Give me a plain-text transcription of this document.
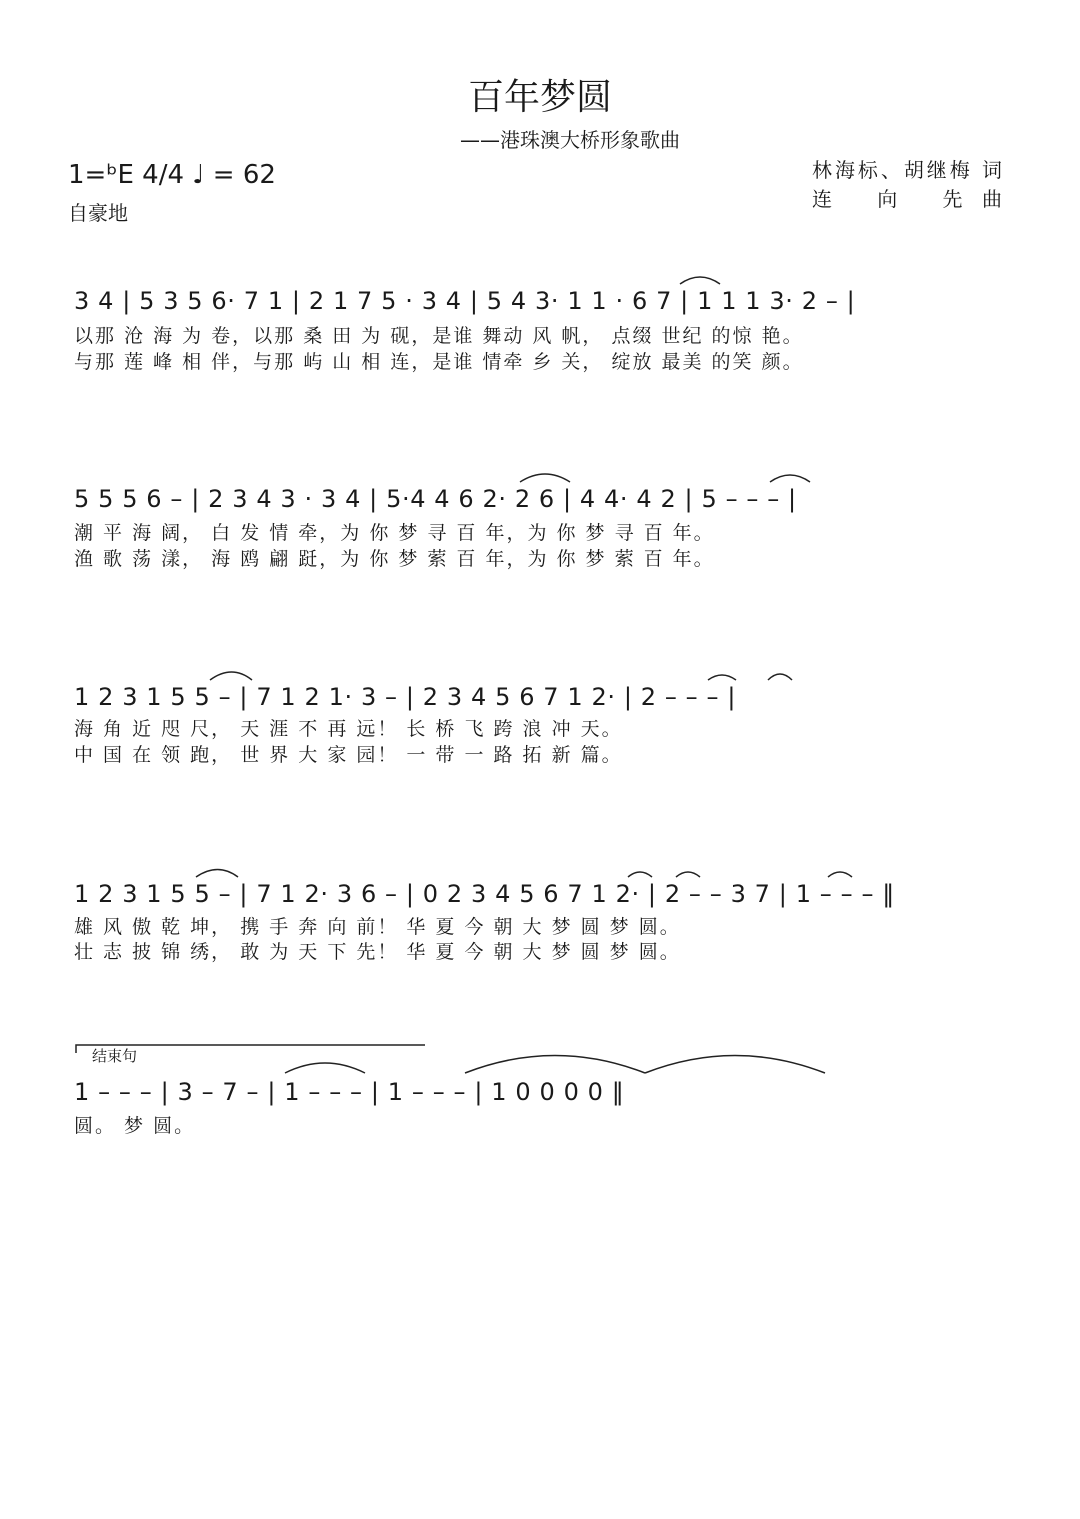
百年梦圆
——港珠澳大桥形象歌曲
1=ᵇE 4/4 ♩ = 62
自豪地
林海标、胡继梅 词
连 向 先曲
3 4 | 5 3 5 6· 7 1 | 2 1 7 5 · 3 4 | 5 4 3· 1 1 · 6 7 | 1 1 1 3· 2 – |
以那 沧 海 为 卷，以那 桑 田 为 砚，是谁 舞动 风 帆， 点缀 世纪 的惊 艳。
与那 莲 峰 相 伴，与那 屿 山 相 连，是谁 情牵 乡 关， 绽放 最美 的笑 颜。
5 5 5 6 – | 2 3 4 3 · 3 4 | 5·4 4 6 2· 2 6 | 4 4· 4 2 | 5 – – – |
潮 平 海 阔， 白 发 情 牵，为 你 梦 寻 百 年，为 你 梦 寻 百 年。
渔 歌 荡 漾， 海 鸥 翩 跹，为 你 梦 萦 百 年，为 你 梦 萦 百 年。
1 2 3 1 5 5 – | 7 1 2 1· 3 – | 2 3 4 5 6 7 1 2· | 2 – – – |
海 角 近 咫 尺， 天 涯 不 再 远！ 长 桥 飞 跨 浪 冲 天。
中 国 在 领 跑， 世 界 大 家 园！ 一 带 一 路 拓 新 篇。
1 2 3 1 5 5 – | 7 1 2· 3 6 – | 0 2 3 4 5 6 7 1 2· | 2 – – 3 7 | 1 – – – ‖
雄 风 傲 乾 坤， 携 手 奔 向 前！ 华 夏 今 朝 大 梦 圆 梦 圆。
壮 志 披 锦 绣， 敢 为 天 下 先！ 华 夏 今 朝 大 梦 圆 梦 圆。
结束句
1 – – – | 3 – 7 – | 1 – – – | 1 – – – | 1 0 0 0 0 ‖
圆。 梦 圆。
